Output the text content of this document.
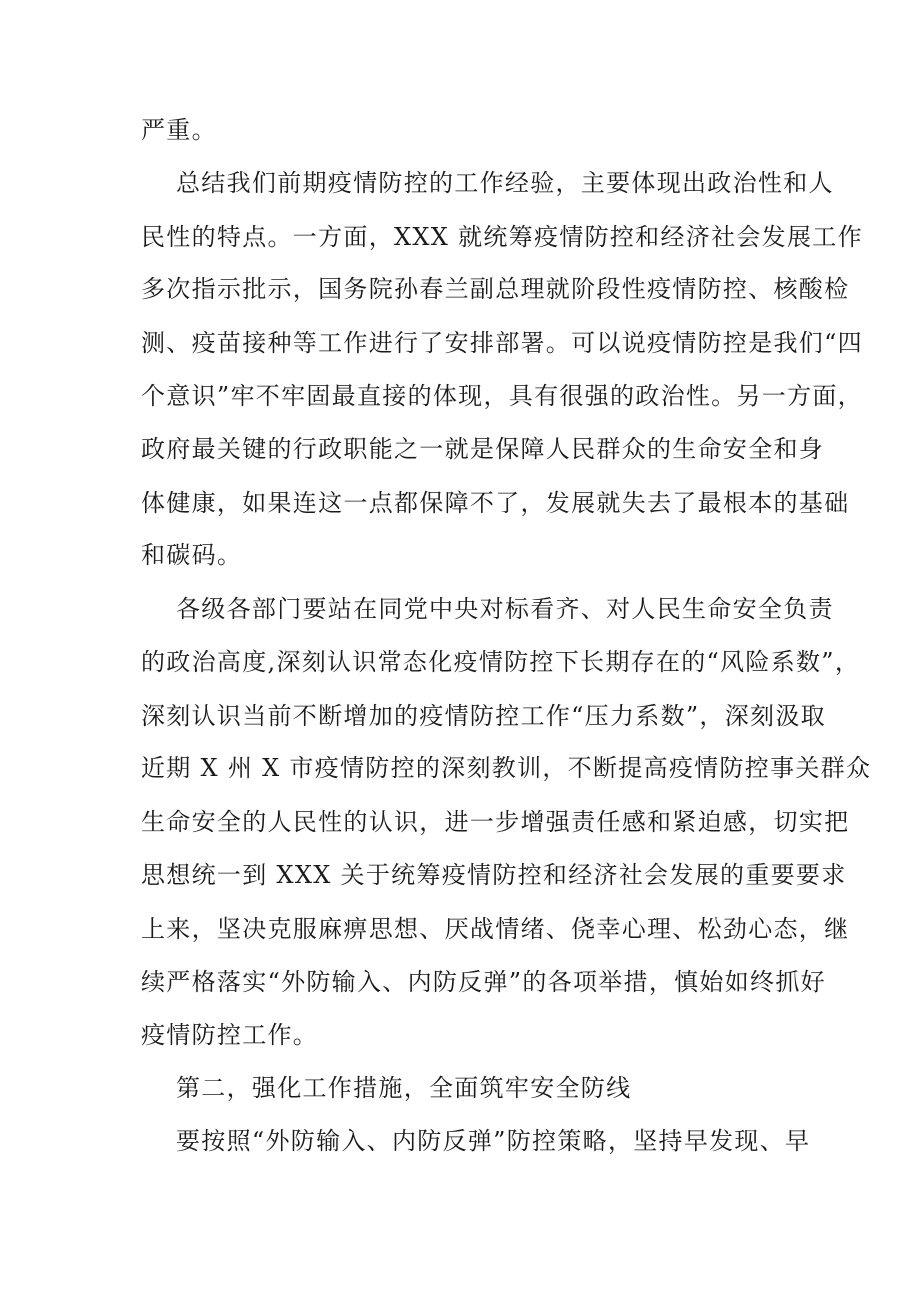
严重。

总结我们前期疫情防控的工作经验，主要体现出政治性和人

民性的特点。一方面，XXX 就统筹疫情防控和经济社会发展工作

多次指示批示，国务院孙春兰副总理就阶段性疫情防控、核酸检

测、疫苗接种等工作进行了安排部署。可以说疫情防控是我们“四

个意识”牢不牢固最直接的体现，具有很强的政治性。另一方面，

政府最关键的行政职能之一就是保障人民群众的生命安全和身

体健康，如果连这一点都保障不了，发展就失去了最根本的基础

和碳码。

各级各部门要站在同党中央对标看齐、对人民生命安全负责

的政治高度,深刻认识常态化疫情防控下长期存在的“风险系数”，

深刻认识当前不断增加的疫情防控工作“压力系数”，深刻汲取

近期 X 州 X 市疫情防控的深刻教训，不断提高疫情防控事关群众

生命安全的人民性的认识，进一步增强责任感和紧迫感，切实把

思想统一到 XXX 关于统筹疫情防控和经济社会发展的重要要求

上来，坚决克服麻痹思想、厌战情绪、侥幸心理、松劲心态，继

续严格落实“外防输入、内防反弹”的各项举措，慎始如终抓好

疫情防控工作。

第二，强化工作措施，全面筑牢安全防线

要按照“外防输入、内防反弹”防控策略，坚持早发现、早
